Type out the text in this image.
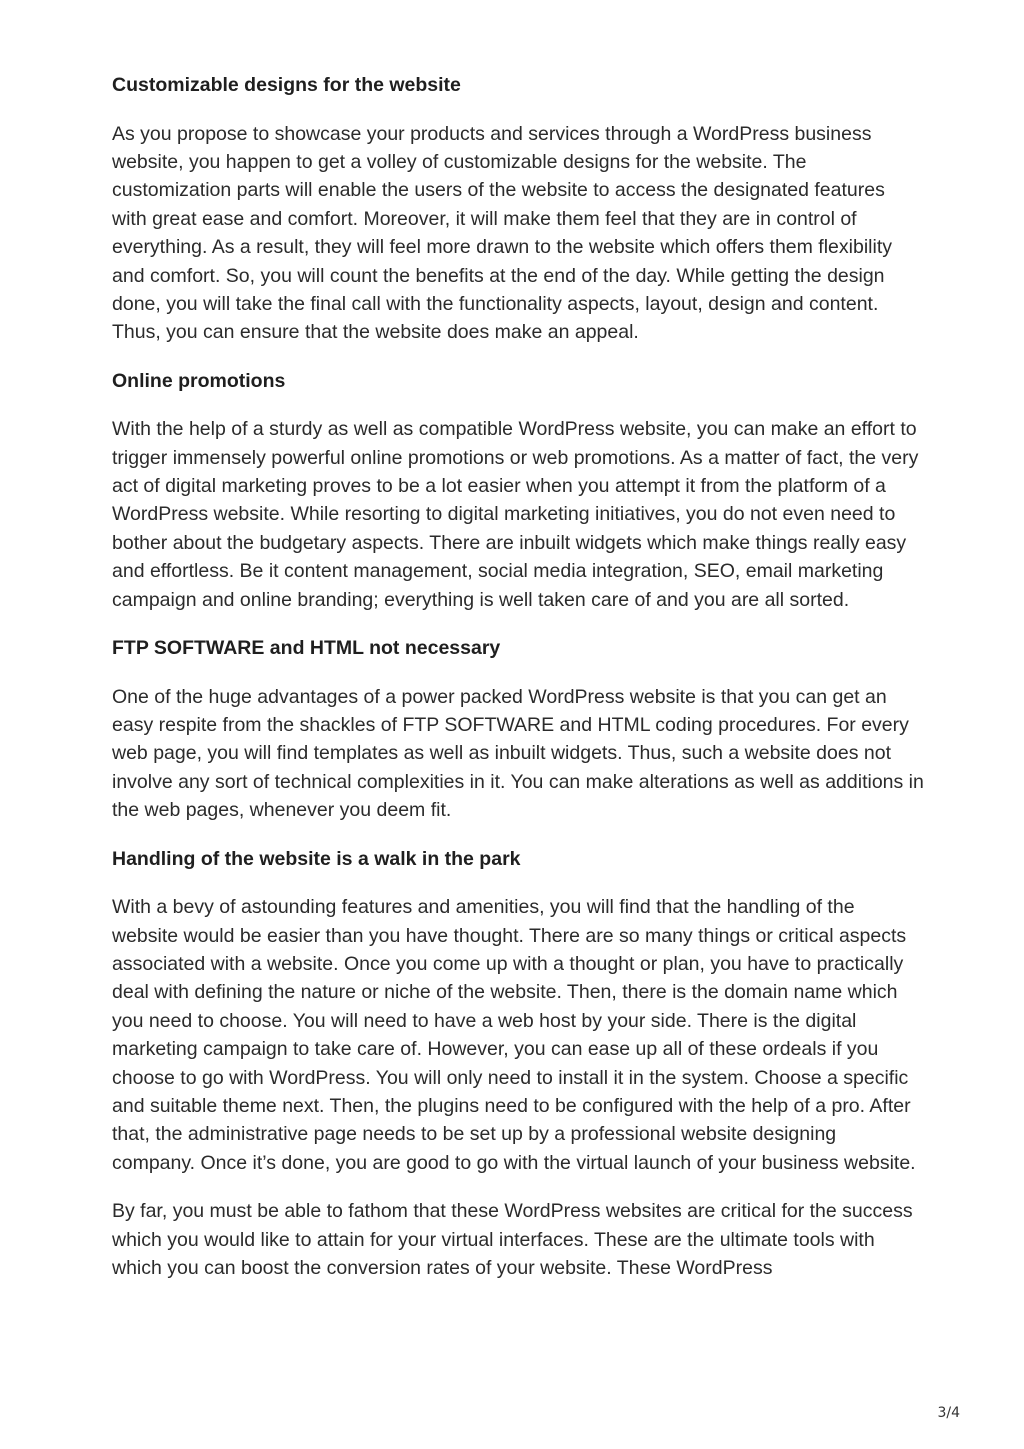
Customizable designs for the website

As you propose to showcase your products and services through a WordPress business website, you happen to get a volley of customizable designs for the website. The customization parts will enable the users of the website to access the designated features with great ease and comfort. Moreover, it will make them feel that they are in control of everything. As a result, they will feel more drawn to the website which offers them flexibility and comfort. So, you will count the benefits at the end of the day. While getting the design done, you will take the final call with the functionality aspects, layout, design and content. Thus, you can ensure that the website does make an appeal.

Online promotions

With the help of a sturdy as well as compatible WordPress website, you can make an effort to trigger immensely powerful online promotions or web promotions. As a matter of fact, the very act of digital marketing proves to be a lot easier when you attempt it from the platform of a WordPress website. While resorting to digital marketing initiatives, you do not even need to bother about the budgetary aspects. There are inbuilt widgets which make things really easy and effortless. Be it content management, social media integration, SEO, email marketing campaign and online branding; everything is well taken care of and you are all sorted.

FTP SOFTWARE and HTML not necessary

One of the huge advantages of a power packed WordPress website is that you can get an easy respite from the shackles of FTP SOFTWARE and HTML coding procedures. For every web page, you will find templates as well as inbuilt widgets. Thus, such a website does not involve any sort of technical complexities in it. You can make alterations as well as additions in the web pages, whenever you deem fit.

Handling of the website is a walk in the park

With a bevy of astounding features and amenities, you will find that the handling of the website would be easier than you have thought. There are so many things or critical aspects associated with a website. Once you come up with a thought or plan, you have to practically deal with defining the nature or niche of the website. Then, there is the domain name which you need to choose. You will need to have a web host by your side. There is the digital marketing campaign to take care of. However, you can ease up all of these ordeals if you choose to go with WordPress. You will only need to install it in the system. Choose a specific and suitable theme next. Then, the plugins need to be configured with the help of a pro. After that, the administrative page needs to be set up by a professional website designing company. Once it’s done, you are good to go with the virtual launch of your business website.

By far, you must be able to fathom that these WordPress websites are critical for the success which you would like to attain for your virtual interfaces. These are the ultimate tools with which you can boost the conversion rates of your website. These WordPress

3/4
